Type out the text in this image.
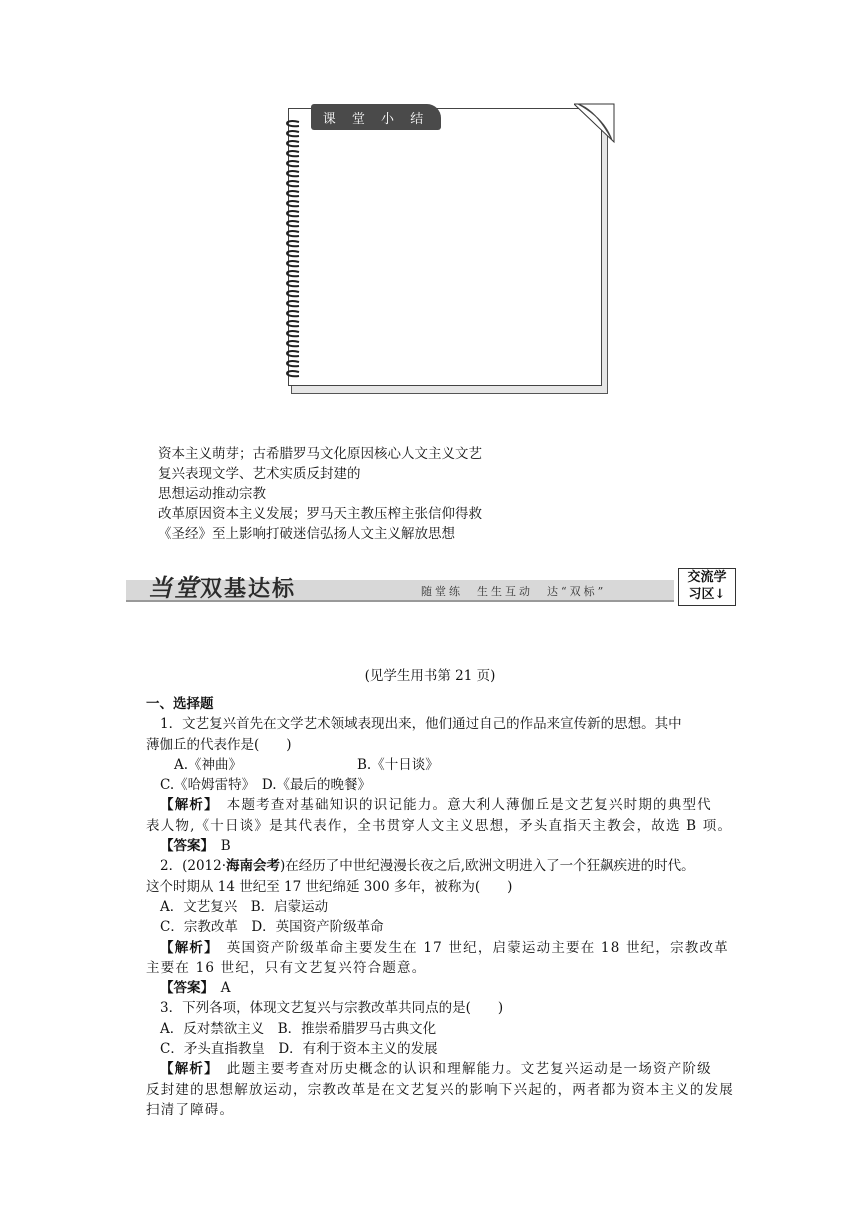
课 堂 小 结
资本主义萌芽；古希腊罗马文化原因核心人文主义文艺
复兴表现文学、艺术实质反封建的
思想运动推动宗教
改革原因资本主义发展；罗马天主教压榨主张信仰得救
《圣经》至上影响打破迷信弘扬人文主义解放思想
当堂双基达标	随堂练　生生互动　达“双标”
交流学
习区↓
(见学生用书第 21 页)

一、选择题

1．文艺复兴首先在文学艺术领域表现出来，他们通过自己的作品来宣传新的思想。其中

薄伽丘的代表作是(　　)

A.《神曲》	B.《十日谈》

C.《哈姆雷特》　D.《最后的晚餐》

【解析】　本题考查对基础知识的识记能力。意大利人薄伽丘是文艺复兴时期的典型代

表人物,《十日谈》是其代表作，全书贯穿人文主义思想，矛头直指天主教会，故选 B 项。

【答案】　B

2．(2012·海南会考)在经历了中世纪漫漫长夜之后,欧洲文明进入了一个狂飙疾进的时代。

这个时期从 14 世纪至 17 世纪绵延 300 多年，被称为(　　)

A．文艺复兴　B．启蒙运动

C．宗教改革　D．英国资产阶级革命

【解析】　英国资产阶级革命主要发生在 17 世纪，启蒙运动主要在 18 世纪，宗教改革

主要在 16 世纪，只有文艺复兴符合题意。

【答案】　A

3．下列各项，体现文艺复兴与宗教改革共同点的是(　　)

A．反对禁欲主义　B．推崇希腊罗马古典文化

C．矛头直指教皇　D．有利于资本主义的发展

【解析】　此题主要考查对历史概念的认识和理解能力。文艺复兴运动是一场资产阶级

反封建的思想解放运动，宗教改革是在文艺复兴的影响下兴起的，两者都为资本主义的发展

扫清了障碍。
